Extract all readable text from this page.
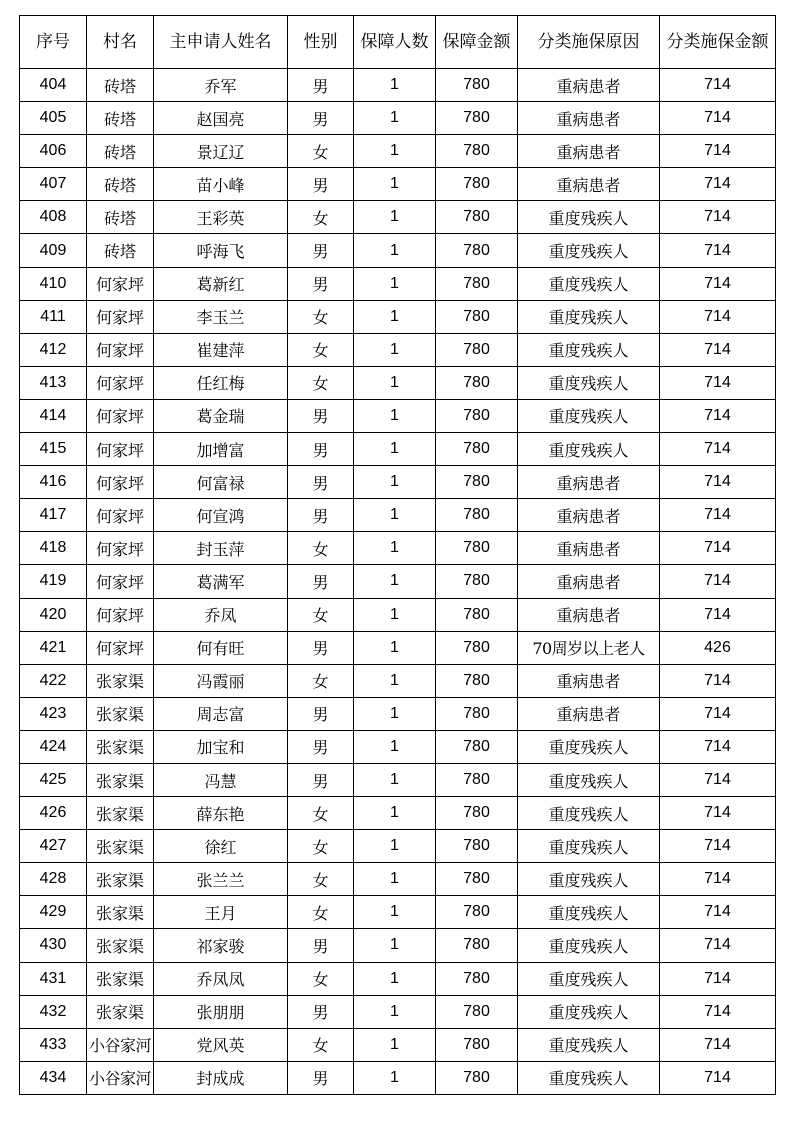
序号	村名	主申请人姓名	性别	保障人数	保障金额	分类施保原因	分类施保金额
404	砖塔	乔军	男	1	780	重病患者	714
405	砖塔	赵国亮	男	1	780	重病患者	714
406	砖塔	景辽辽	女	1	780	重病患者	714
407	砖塔	苗小峰	男	1	780	重病患者	714
408	砖塔	王彩英	女	1	780	重度残疾人	714
409	砖塔	呼海飞	男	1	780	重度残疾人	714
410	何家坪	葛新红	男	1	780	重度残疾人	714
411	何家坪	李玉兰	女	1	780	重度残疾人	714
412	何家坪	崔建萍	女	1	780	重度残疾人	714
413	何家坪	任红梅	女	1	780	重度残疾人	714
414	何家坪	葛金瑞	男	1	780	重度残疾人	714
415	何家坪	加增富	男	1	780	重度残疾人	714
416	何家坪	何富禄	男	1	780	重病患者	714
417	何家坪	何宣鸿	男	1	780	重病患者	714
418	何家坪	封玉萍	女	1	780	重病患者	714
419	何家坪	葛满军	男	1	780	重病患者	714
420	何家坪	乔凤	女	1	780	重病患者	714
421	何家坪	何有旺	男	1	780	70周岁以上老人	426
422	张家渠	冯霞丽	女	1	780	重病患者	714
423	张家渠	周志富	男	1	780	重病患者	714
424	张家渠	加宝和	男	1	780	重度残疾人	714
425	张家渠	冯慧	男	1	780	重度残疾人	714
426	张家渠	薛东艳	女	1	780	重度残疾人	714
427	张家渠	徐红	女	1	780	重度残疾人	714
428	张家渠	张兰兰	女	1	780	重度残疾人	714
429	张家渠	王月	女	1	780	重度残疾人	714
430	张家渠	祁家骏	男	1	780	重度残疾人	714
431	张家渠	乔凤凤	女	1	780	重度残疾人	714
432	张家渠	张朋朋	男	1	780	重度残疾人	714
433	小谷家河	党风英	女	1	780	重度残疾人	714
434	小谷家河	封成成	男	1	780	重度残疾人	714
